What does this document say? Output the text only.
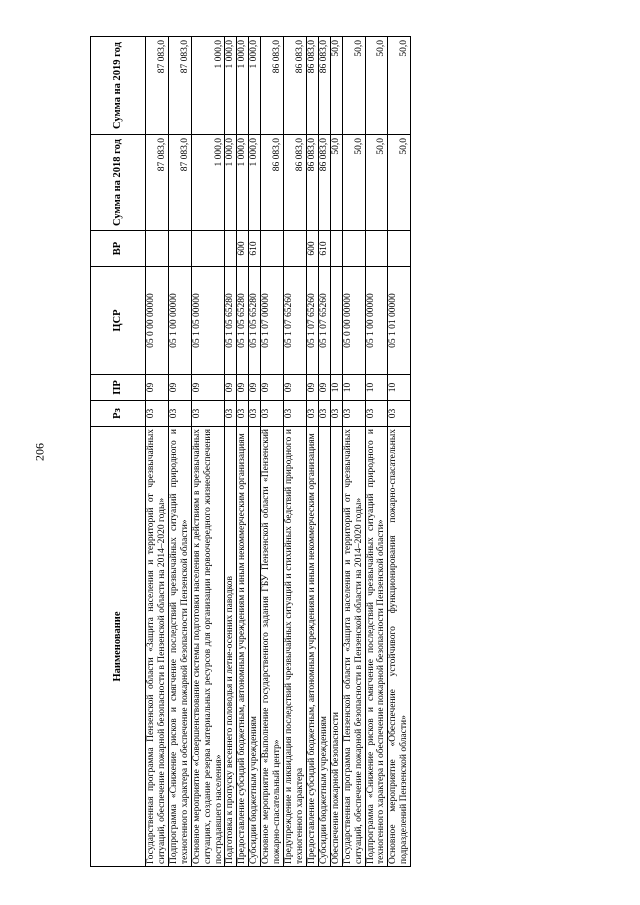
206
Наименование	Рз	ПР	ЦСР	ВР	Сумма на 2018 год	Сумма на 2019 год
Государственная программа Пензенской области «Защита населения и территорий от чрезвычайных ситуаций, обеспечение пожарной безопасности в Пензенской области на 2014–2020 годы»	03	09	05 0 00 00000		87 083,0	87 083,0
Подпрограмма «Снижение рисков и смягчение последствий чрезвычайных ситуаций природного и техногенного характера и обеспечение пожарной безопасности Пензенской области»	03	09	05 1 00 00000		87 083,0	87 083,0
Основное мероприятие «Совершенствование системы подготовки населения к действиям в чрезвычайных ситуациях, создание резерва материальных ресурсов для организации первоочередного жизнеобеспечения пострадавшего населения»	03	09	05 1 05 00000		1 000,0	1 000,0
Подготовка к пропуску весеннего половодья и летне-осенних паводков	03	09	05 1 05 65280		1 000,0	1 000,0
Предоставление субсидий бюджетным, автономным учреждениям и иным некоммерческим организациям	03	09	05 1 05 65280	600	1 000,0	1 000,0
Субсидии бюджетным учреждениям	03	09	05 1 05 65280	610	1 000,0	1 000,0
Основное мероприятие «Выполнение государственного задания ГБУ Пензенской области «Пензенский пожарно-спасательный центр»	03	09	05 1 07 00000		86 083,0	86 083,0
Предупреждение и ликвидация последствий чрезвычайных ситуаций и стихийных бедствий природного и техногенного характера	03	09	05 1 07 65260		86 083,0	86 083,0
Предоставление субсидий бюджетным, автономным учреждениям и иным некоммерческим организациям	03	09	05 1 07 65260	600	86 083,0	86 083,0
Субсидии бюджетным учреждениям	03	09	05 1 07 65260	610	86 083,0	86 083,0
Обеспечение пожарной безопасности	03	10			50,0	50,0
Государственная программа Пензенской области «Защита населения и территорий от чрезвычайных ситуаций, обеспечение пожарной безопасности в Пензенской области на 2014–2020 годы»	03	10	05 0 00 00000		50,0	50,0
Подпрограмма «Снижение рисков и смягчение последствий чрезвычайных ситуаций природного и техногенного характера и обеспечение пожарной безопасности Пензенской области»	03	10	05 1 00 00000		50,0	50,0
Основное мероприятие «Обеспечение устойчивого функционирования пожарно-спасательных подразделений Пензенской области»	03	10	05 1 01 00000		50,0	50,0
